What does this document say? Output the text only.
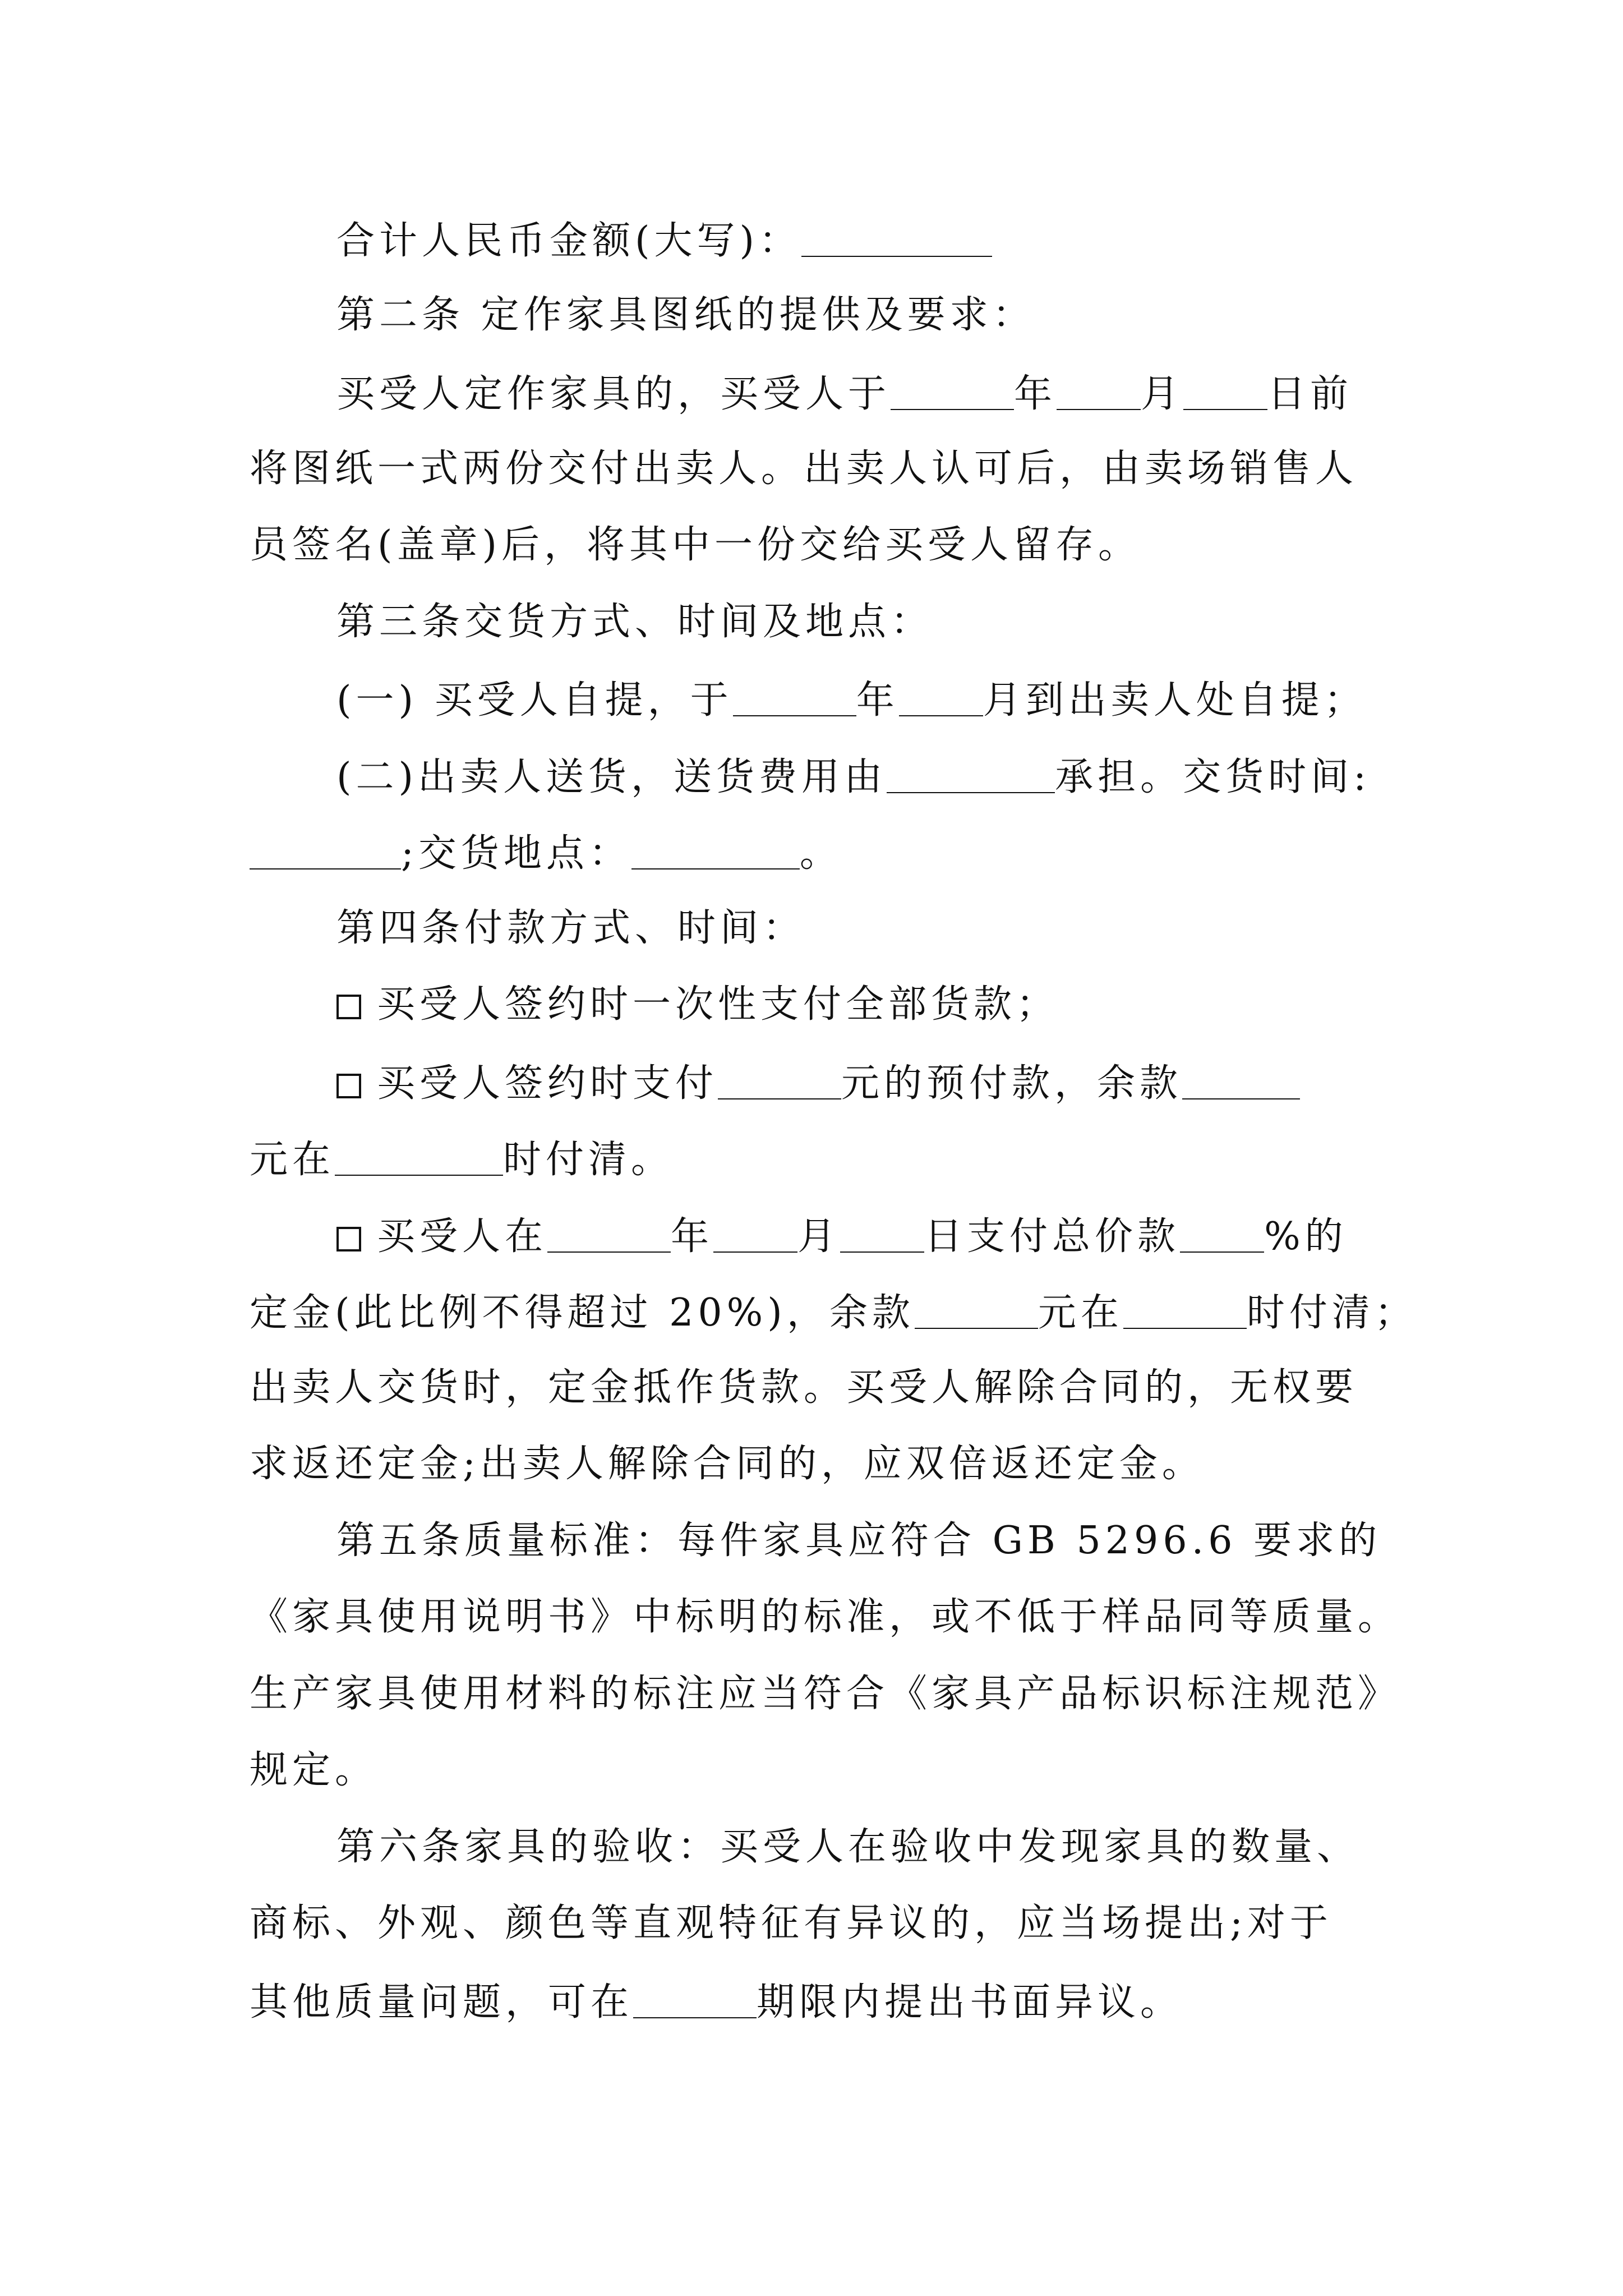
合计人民币金额(大写)：

第二条 定作家具图纸的提供及要求：

买受人定作家具的，买受人于	年 月 日前

将图纸一式两份交付出卖人。出卖人认可后，由卖场销售人

员签名(盖章)后，将其中一份交给买受人留存。

第三条交货方式、时间及地点：

(一) 买受人自提，于	年 月到出卖人处自提；

(二)出卖人送货，送货费用由	承担。交货时间:

;交货地点：	。

第四条付款方式、时间：

买受人签约时一次性支付全部货款；

买受人签约时支付	元的预付款，余款

元在	时付清。

买受人在	年 月 日支付总价款 %的

定金(此比例不得超过 20%)，余款	元在	时付清；

出卖人交货时，定金抵作货款。买受人解除合同的，无权要

求返还定金;出卖人解除合同的，应双倍返还定金。

第五条质量标准：每件家具应符合 GB 5296.6 要求的

《家具使用说明书》中标明的标准，或不低于样品同等质量。

生产家具使用材料的标注应当符合《家具产品标识标注规范》

规定。

第六条家具的验收：买受人在验收中发现家具的数量、

商标、外观、颜色等直观特征有异议的，应当场提出;对于

其他质量问题，可在	期限内提出书面异议。
